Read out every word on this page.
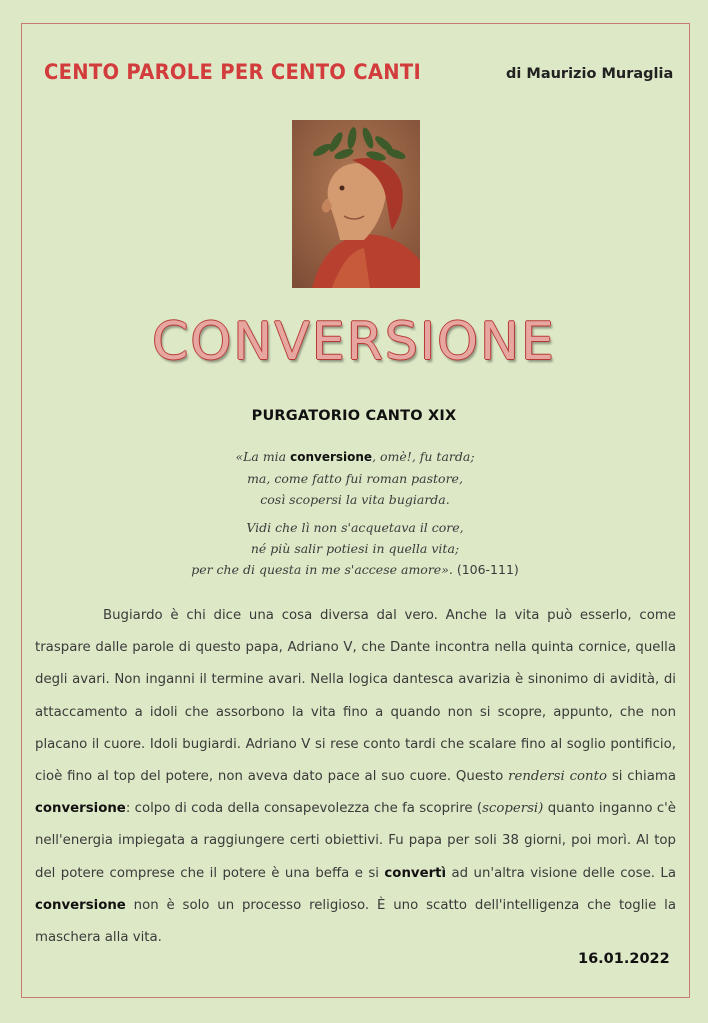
CENTO PAROLE PER CENTO CANTI	di Maurizio Muraglia
CONVERSIONE
PURGATORIO CANTO XIX
«La mia conversione, omè!, fu tarda;
ma, come fatto fui roman pastore,
così scopersi la vita bugiarda.
Vidi che lì non s'acquetava il core,
né più salir potiesi in quella vita;
per che di questa in me s'accese amore». (106-111)

Bugiardo è chi dice una cosa diversa dal vero. Anche la vita può esserlo, come traspare dalle parole di questo papa, Adriano V, che Dante incontra nella quinta cornice, quella degli avari. Non inganni il termine avari. Nella logica dantesca avarizia è sinonimo di avidità, di attaccamento a idoli che assorbono la vita fino a quando non si scopre, appunto, che non placano il cuore. Idoli bugiardi. Adriano V si rese conto tardi che scalare fino al soglio pontificio, cioè fino al top del potere, non aveva dato pace al suo cuore. Questo rendersi conto si chiama conversione: colpo di coda della consapevolezza che fa scoprire (scopersi) quanto inganno c'è nell'energia impiegata a raggiungere certi obiettivi. Fu papa per soli 38 giorni, poi morì. Al top del potere comprese che il potere è una beffa e si convertì ad un'altra visione delle cose. La conversione non è solo un processo religioso. È uno scatto dell'intelligenza che toglie la maschera alla vita.

16.01.2022
